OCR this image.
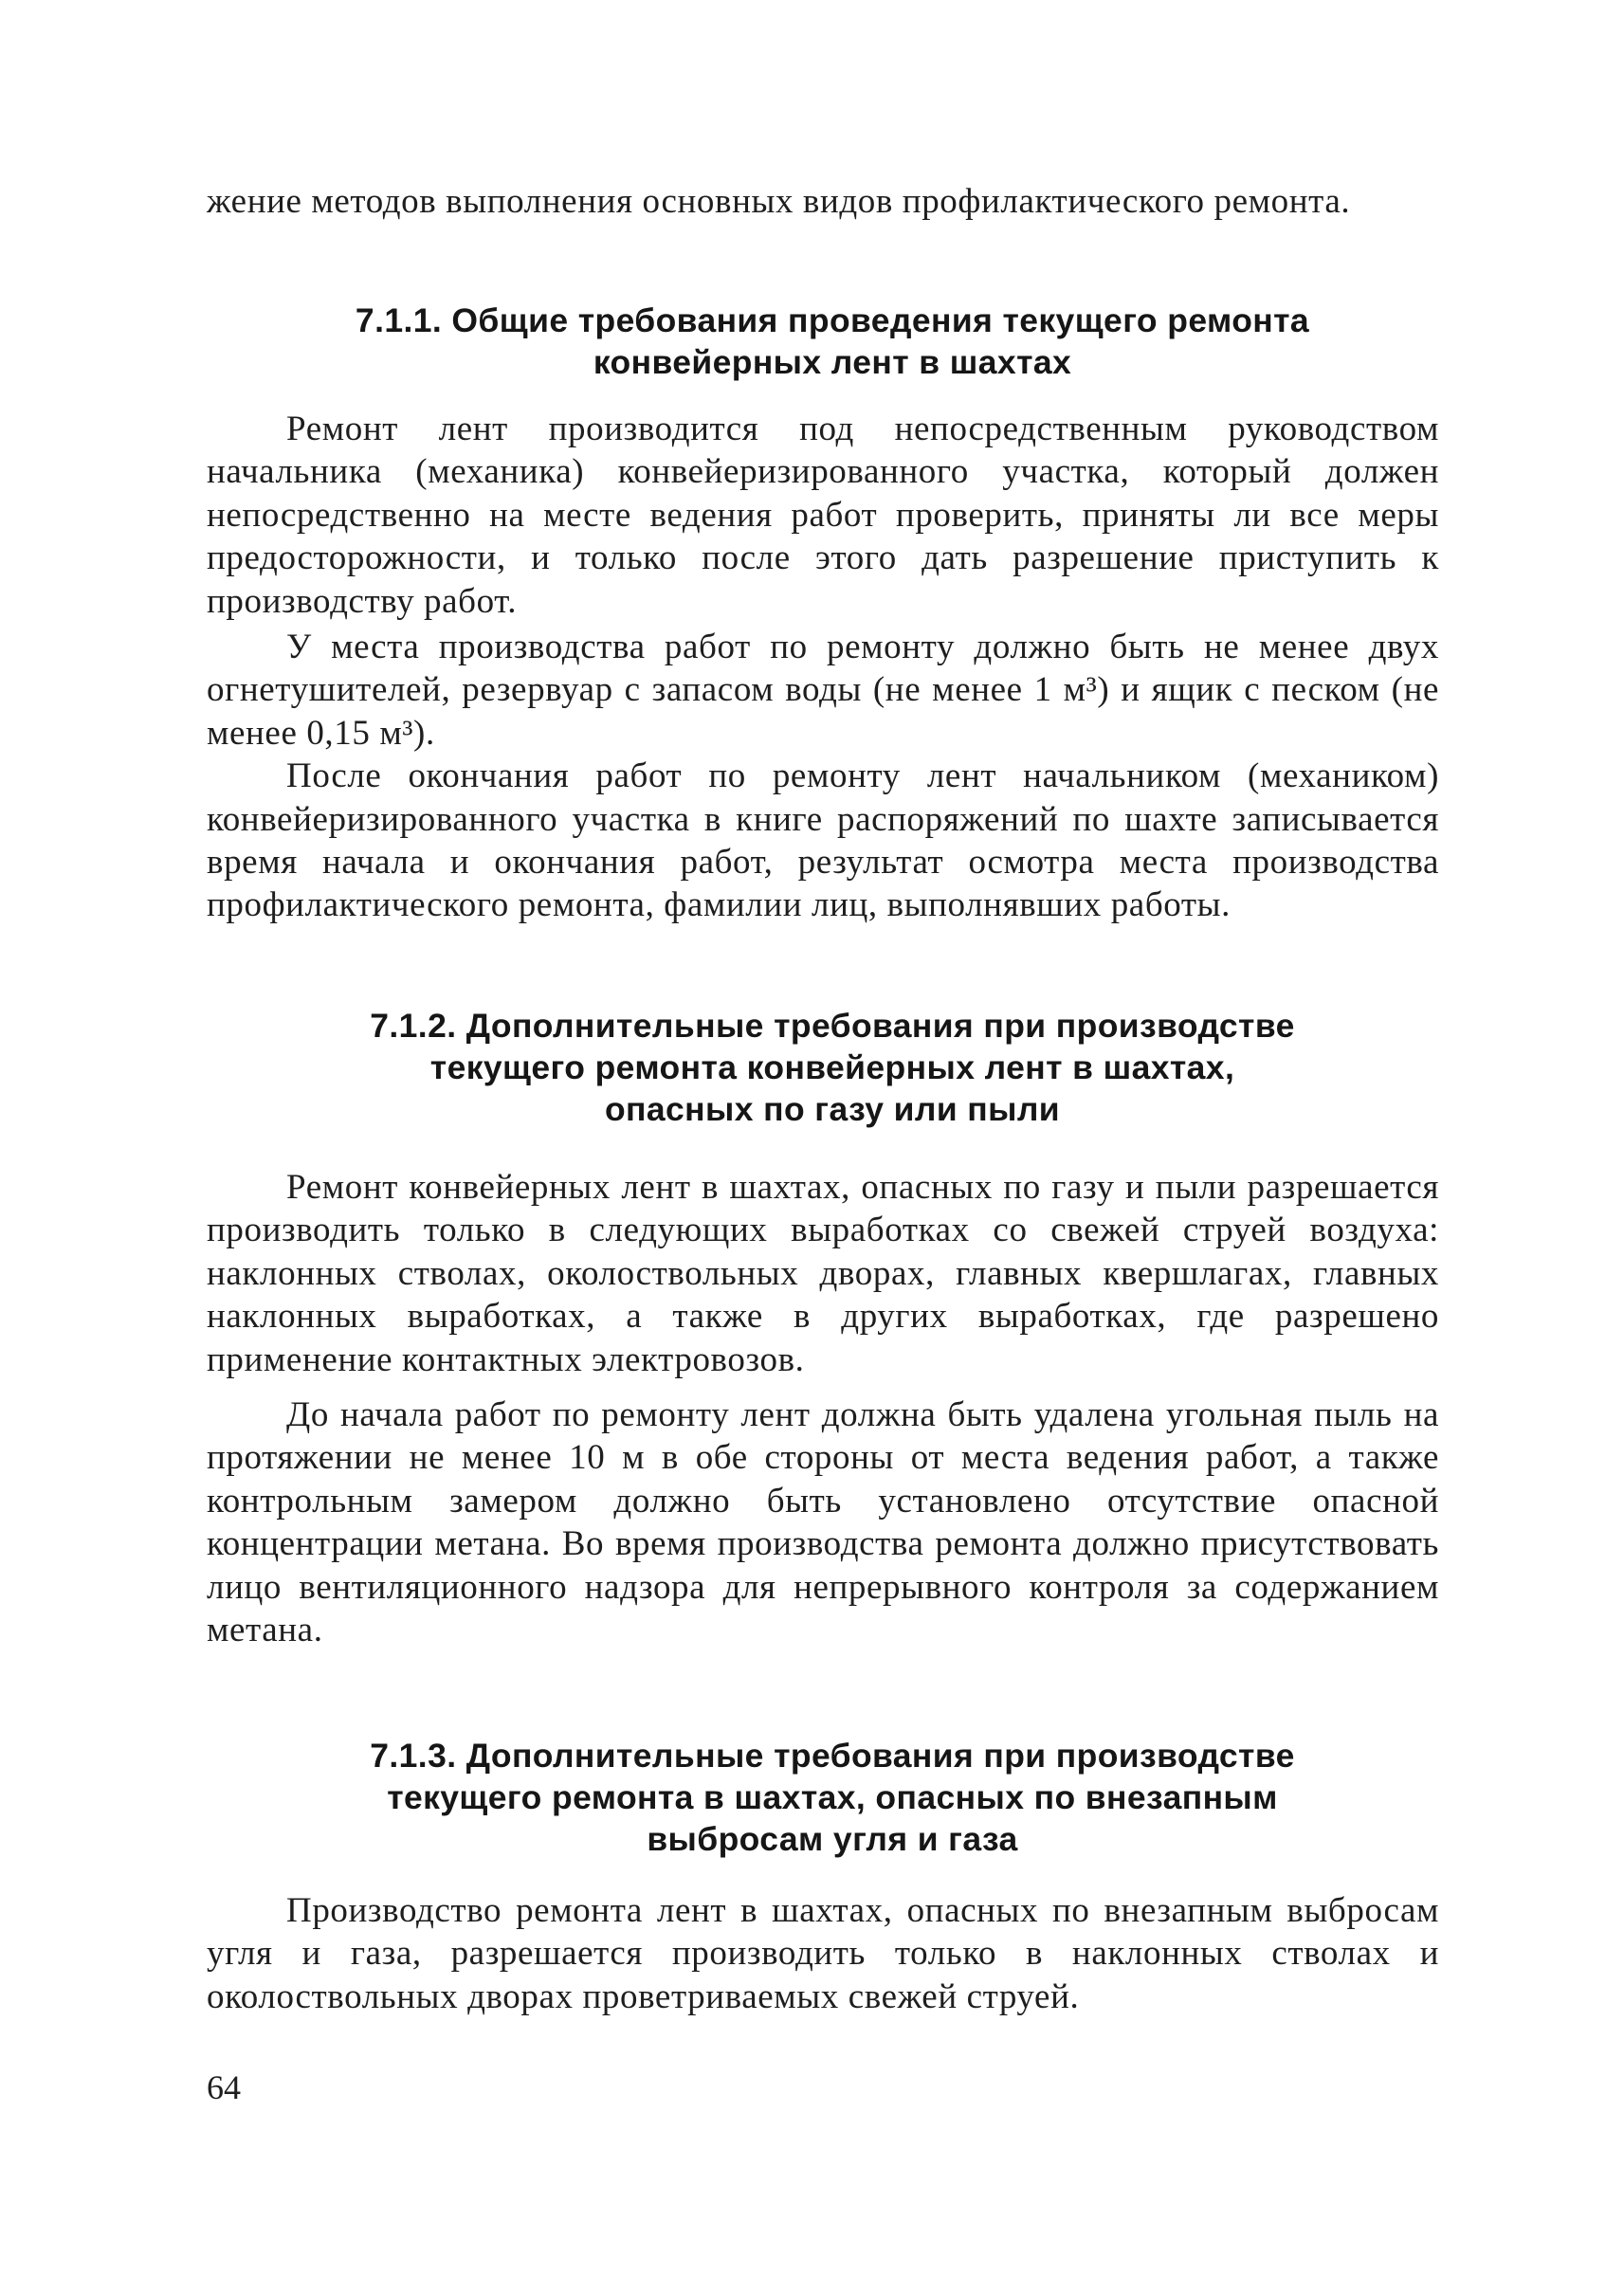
жение методов выполнения основных видов профилактического ремонта.

7.1.1. Общие требования проведения текущего ремонта

конвейерных лент в шахтах

Ремонт лент производится под непосредственным руководством начальника (механика) конвейеризированного участка, который должен непосредственно на месте ведения работ проверить, приняты ли все меры предосторожности, и только после этого дать разрешение приступить к производству работ.

У места производства работ по ремонту должно быть не менее двух огнетушителей, резервуар с запасом воды (не менее 1 м³) и ящик с песком (не менее 0,15 м³).

После окончания работ по ремонту лент начальником (механиком) конвейеризированного участка в книге распоряжений по шахте записывается время начала и окончания работ, результат осмотра места производства профилактического ремонта, фамилии лиц, выполнявших работы.

7.1.2. Дополнительные требования при производстве

текущего ремонта конвейерных лент в шахтах,

опасных по газу или пыли

Ремонт конвейерных лент в шахтах, опасных по газу и пыли разрешается производить только в следующих выработках со свежей струей воздуха: наклонных стволах, околоствольных дворах, главных квершлагах, главных наклонных выработках, а также в других выработках, где разрешено применение контактных электровозов.

До начала работ по ремонту лент должна быть удалена угольная пыль на протяжении не менее 10 м в обе стороны от места ведения работ, а также контрольным замером должно быть установлено отсутствие опасной концентрации метана. Во время производства ремонта должно присутствовать лицо вентиляционного надзора для непрерывного контроля за содержанием метана.

7.1.3. Дополнительные требования при производстве

текущего ремонта в шахтах, опасных по внезапным

выбросам угля и газа

Производство ремонта лент в шахтах, опасных по внезапным выбросам угля и газа, разрешается производить только в наклонных стволах и околоствольных дворах проветриваемых свежей струей.

64
